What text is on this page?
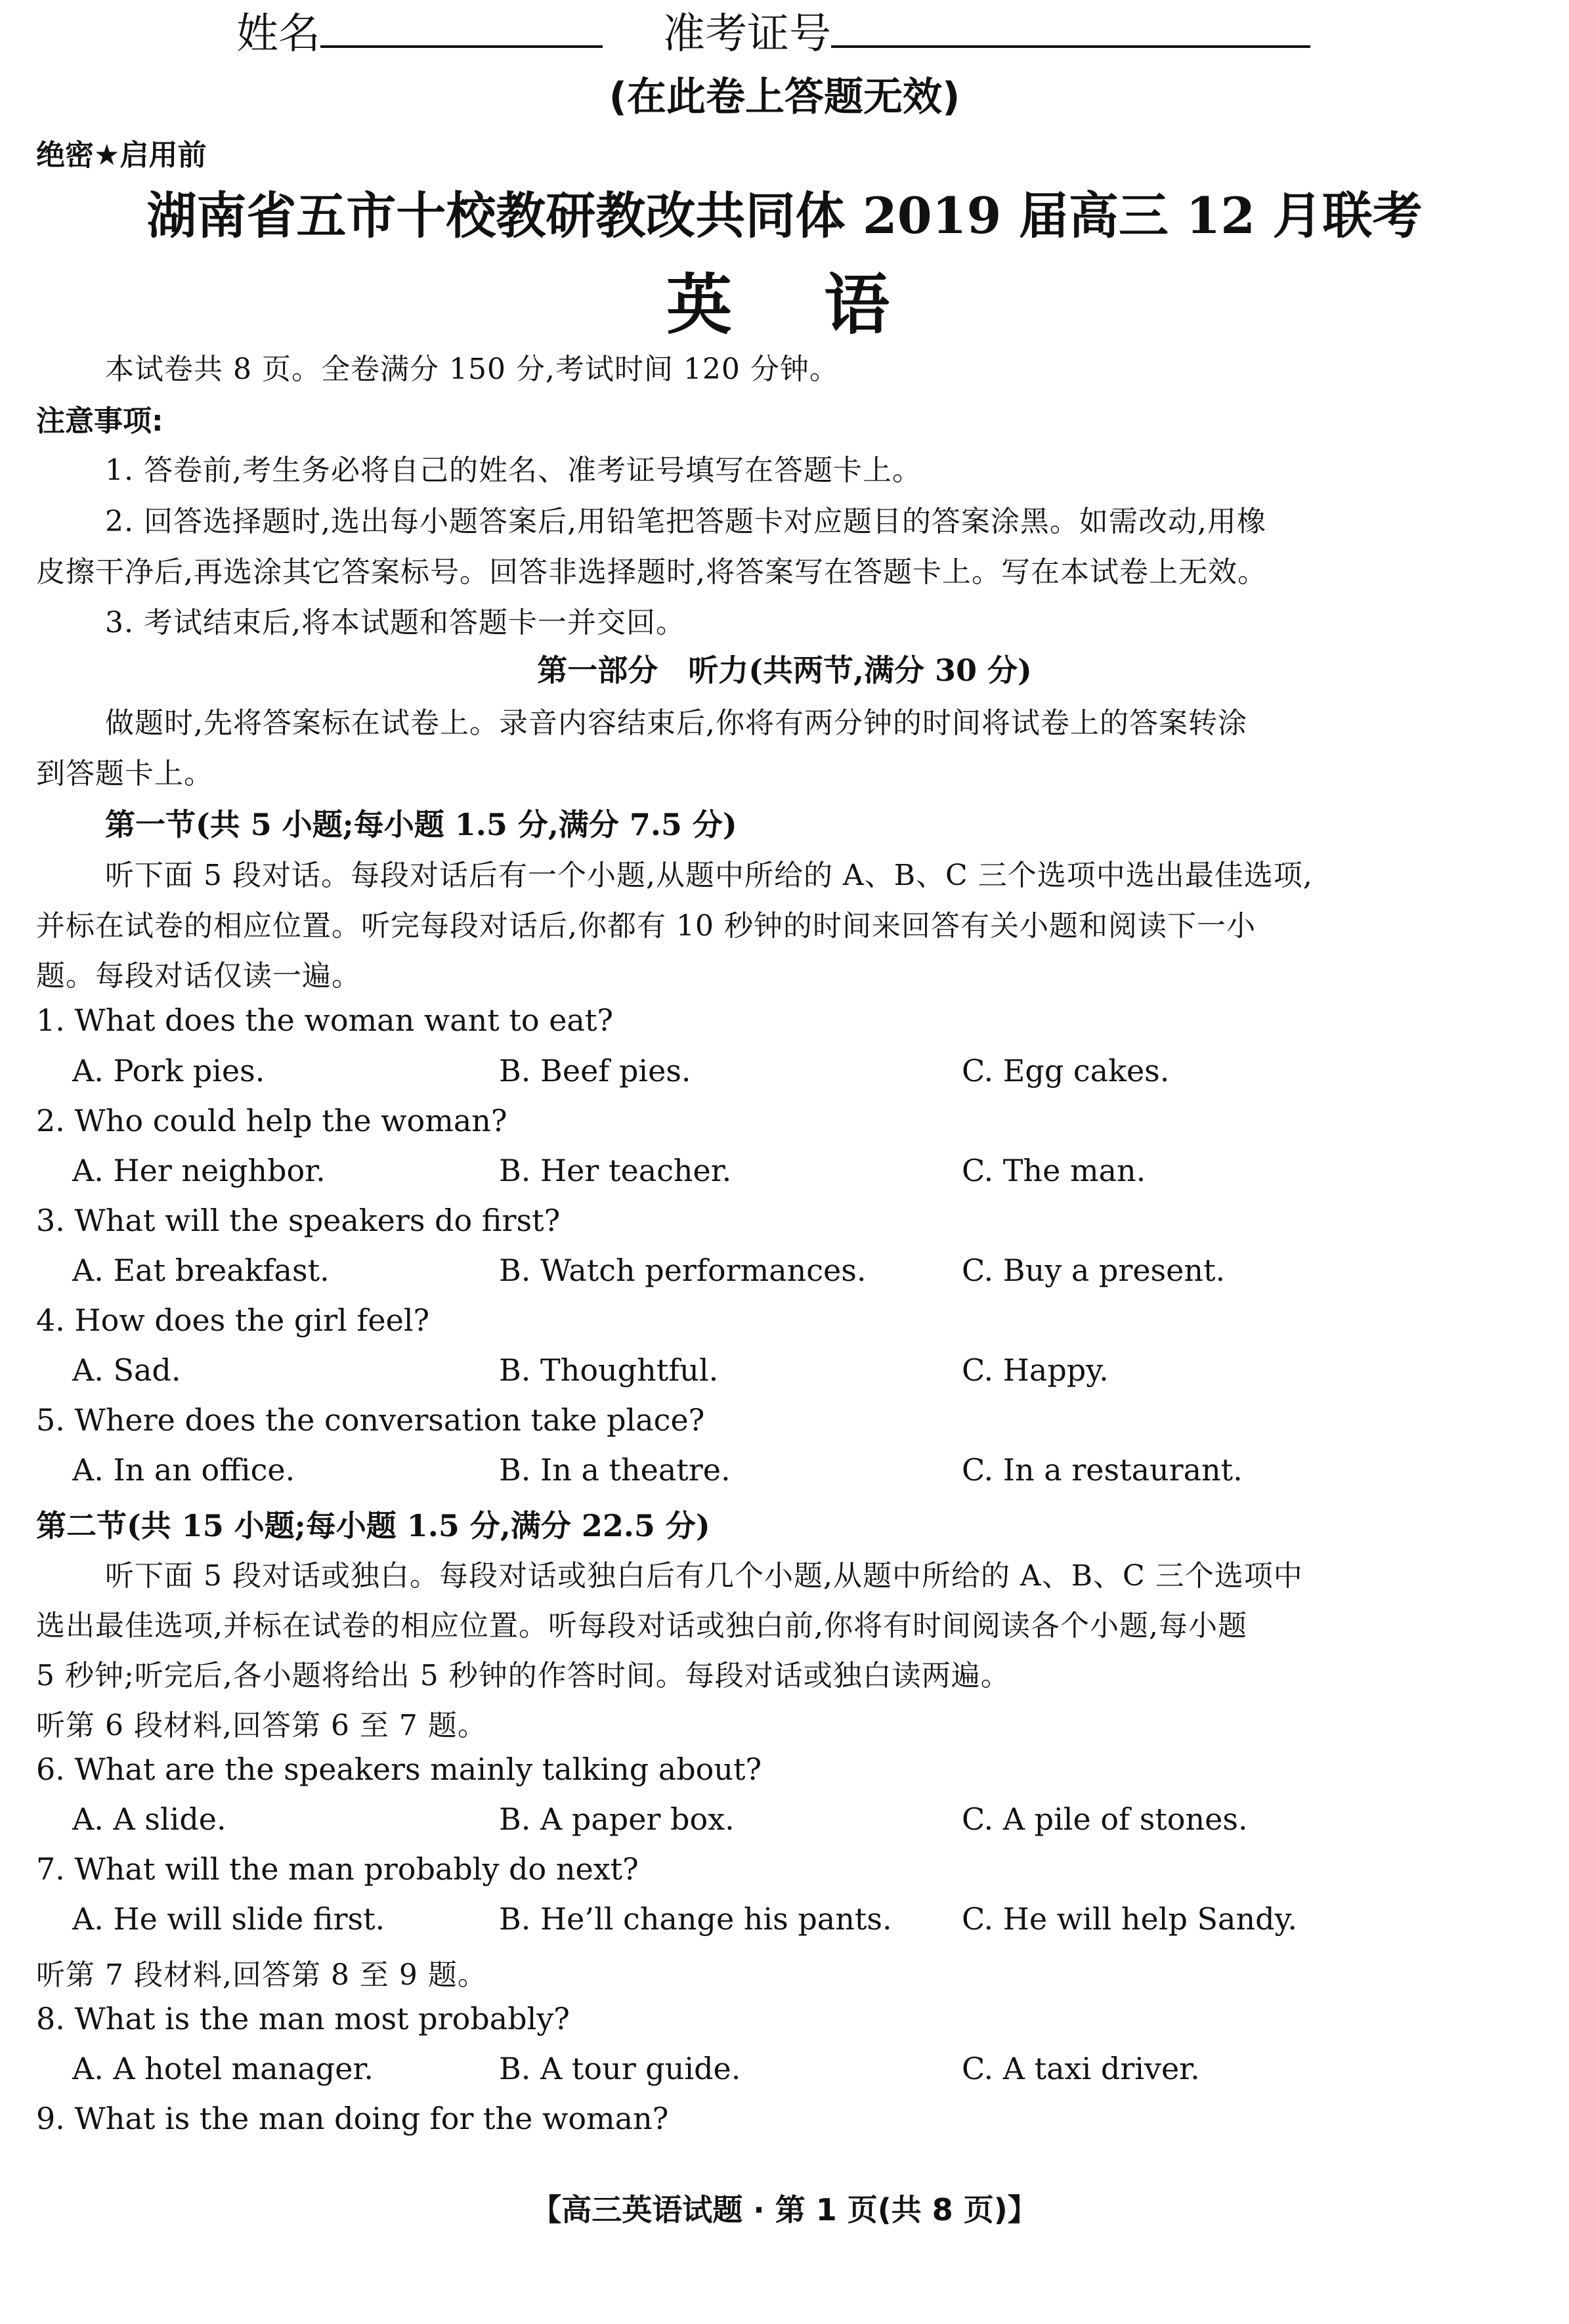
姓名	准考证号
(在此卷上答题无效)
绝密★启用前
湖南省五市十校教研教改共同体 2019 届高三 12 月联考
英　语
本试卷共 8 页。全卷满分 150 分,考试时间 120 分钟。
注意事项:
1. 答卷前,考生务必将自己的姓名、准考证号填写在答题卡上。
2. 回答选择题时,选出每小题答案后,用铅笔把答题卡对应题目的答案涂黑。如需改动,用橡
皮擦干净后,再选涂其它答案标号。回答非选择题时,将答案写在答题卡上。写在本试卷上无效。
3. 考试结束后,将本试题和答题卡一并交回。
第一部分　听力(共两节,满分 30 分)
做题时,先将答案标在试卷上。录音内容结束后,你将有两分钟的时间将试卷上的答案转涂
到答题卡上。
第一节(共 5 小题;每小题 1.5 分,满分 7.5 分)
听下面 5 段对话。每段对话后有一个小题,从题中所给的 A、B、C 三个选项中选出最佳选项,
并标在试卷的相应位置。听完每段对话后,你都有 10 秒钟的时间来回答有关小题和阅读下一小
题。每段对话仅读一遍。
1. What does the woman want to eat?
A. Pork pies.	B. Beef pies.	C. Egg cakes.
2. Who could help the woman?
A. Her neighbor.	B. Her teacher.	C. The man.
3. What will the speakers do first?
A. Eat breakfast.	B. Watch performances.	C. Buy a present.
4. How does the girl feel?
A. Sad.	B. Thoughtful.	C. Happy.
5. Where does the conversation take place?
A. In an office.	B. In a theatre.	C. In a restaurant.
第二节(共 15 小题;每小题 1.5 分,满分 22.5 分)
听下面 5 段对话或独白。每段对话或独白后有几个小题,从题中所给的 A、B、C 三个选项中
选出最佳选项,并标在试卷的相应位置。听每段对话或独白前,你将有时间阅读各个小题,每小题
5 秒钟;听完后,各小题将给出 5 秒钟的作答时间。每段对话或独白读两遍。
听第 6 段材料,回答第 6 至 7 题。
6. What are the speakers mainly talking about?
A. A slide.	B. A paper box.	C. A pile of stones.
7. What will the man probably do next?
A. He will slide first.	B. He’ll change his pants. C. He will help Sandy.
听第 7 段材料,回答第 8 至 9 题。
8. What is the man most probably?
A. A hotel manager.	B. A tour guide.	C. A taxi driver.
9. What is the man doing for the woman?
【高三英语试题 · 第 1 页(共 8 页)】
